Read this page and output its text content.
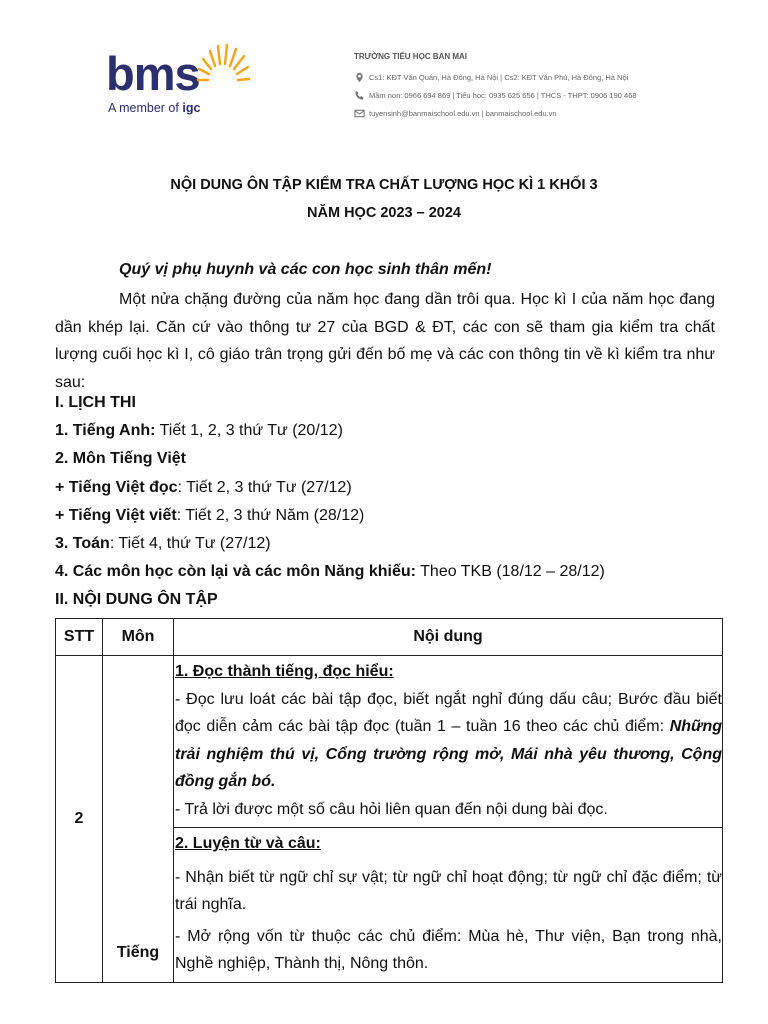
bms
A member of igc
TRƯỜNG TIỂU HỌC BAN MAI
Cs1: KĐT Văn Quán, Hà Đông, Hà Nội | Cs2: KĐT Văn Phú, Hà Đông, Hà Nội
Mầm non: 0966 694 869 | Tiểu học: 0935 625 656 | THCS - THPT: 0906 190 468
tuyensinh@banmaischool.edu.vn | banmaischool.edu.vn
NỘI DUNG ÔN TẬP KIỂM TRA CHẤT LƯỢNG HỌC KÌ 1 KHỐI 3
NĂM HỌC 2023 – 2024
Quý vị phụ huynh và các con học sinh thân mến!
Một nửa chặng đường của năm học đang dần trôi qua. Học kì I của năm học đang dần khép lại. Căn cứ vào thông tư 27 của BGD & ĐT, các con sẽ tham gia kiểm tra chất lượng cuối học kì I, cô giáo trân trọng gửi đến bố mẹ và các con thông tin về kì kiểm tra như sau:
I. LỊCH THI
1. Tiếng Anh: Tiết 1, 2, 3 thứ Tư (20/12)
2. Môn Tiếng Việt
+ Tiếng Việt đọc: Tiết 2, 3 thứ Tư (27/12)
+ Tiếng Việt viết: Tiết 2, 3 thứ Năm (28/12)
3. Toán: Tiết 4, thứ Tư (27/12)
4. Các môn học còn lại và các môn Năng khiếu: Theo TKB (18/12 – 28/12)
II. NỘI DUNG ÔN TẬP
STT	Môn	Nội dung
2	Tiếng	1. Đọc thành tiếng, đọc hiểu:
- Đọc lưu loát các bài tập đọc, biết ngắt nghỉ đúng dấu câu; Bước đầu biết đọc diễn cảm các bài tập đọc (tuần 1 – tuần 16 theo các chủ điểm: Những trải nghiệm thú vị, Cổng trường rộng mở, Mái nhà yêu thương, Cộng đồng gắn bó.
- Trả lời được một số câu hỏi liên quan đến nội dung bài đọc.

		2. Luyện từ và câu:
- Nhận biết từ ngữ chỉ sự vật; từ ngữ chỉ hoạt động; từ ngữ chỉ đặc điểm; từ trái nghĩa.
- Mở rộng vốn từ thuộc các chủ điểm: Mùa hè, Thư viện, Bạn trong nhà, Nghề nghiệp, Thành thị, Nông thôn.
